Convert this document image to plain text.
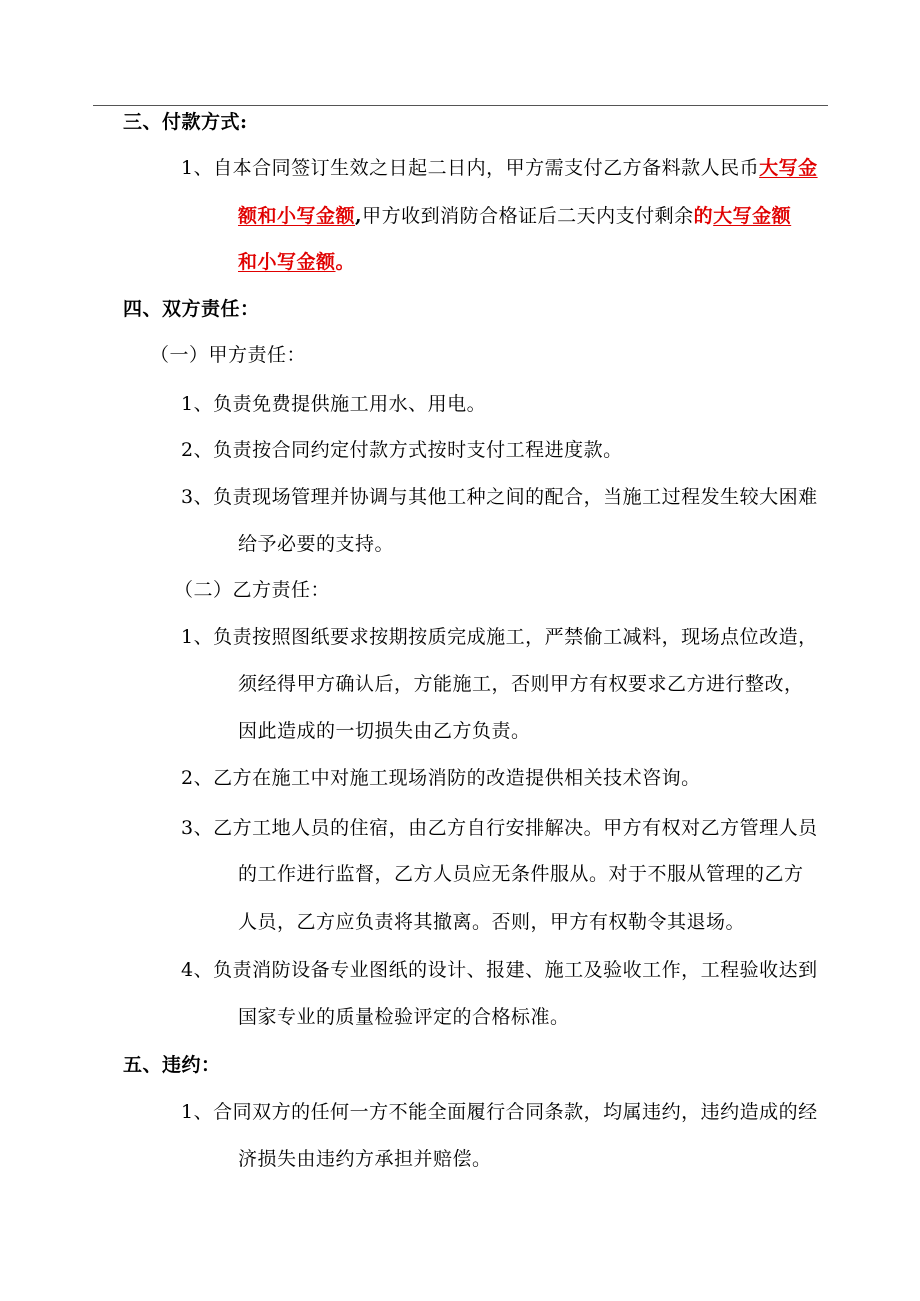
三、付款方式:
1、自本合同签订生效之日起二日内，甲方需支付乙方备料款人民币大写金
额和小写金额,甲方收到消防合格证后二天内支付剩余的大写金额
和小写金额。
四、双方责任：
（一）甲方责任：
1、负责免费提供施工用水、用电。
2、负责按合同约定付款方式按时支付工程进度款。
3、负责现场管理并协调与其他工种之间的配合，当施工过程发生较大困难
给予必要的支持。
（二）乙方责任：
1、负责按照图纸要求按期按质完成施工，严禁偷工减料，现场点位改造，
须经得甲方确认后，方能施工，否则甲方有权要求乙方进行整改，
因此造成的一切损失由乙方负责。
2、乙方在施工中对施工现场消防的改造提供相关技术咨询。
3、乙方工地人员的住宿，由乙方自行安排解决。甲方有权对乙方管理人员
的工作进行监督，乙方人员应无条件服从。对于不服从管理的乙方
人员，乙方应负责将其撤离。否则，甲方有权勒令其退场。
4、负责消防设备专业图纸的设计、报建、施工及验收工作，工程验收达到
国家专业的质量检验评定的合格标准。
五、违约：
1、合同双方的任何一方不能全面履行合同条款，均属违约，违约造成的经
济损失由违约方承担并赔偿。
